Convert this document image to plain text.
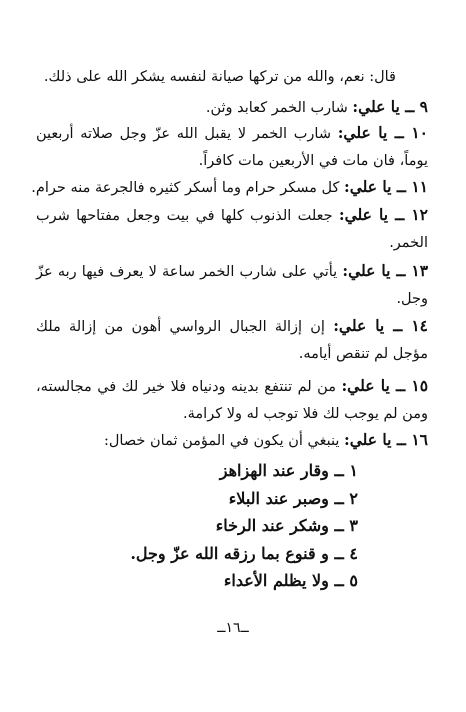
قال: نعم، والله من تركها صيانة لنفسه يشكر الله على ذلك.
٩ ــ يا علي: شارب الخمر كعابد وثن.
١٠ ــ يا علي: شارب الخمر لا يقبل الله عزّ وجل صلاته أربعين يوماً، فان مات في الأربعين مات كافراً.
١١ ــ يا علي: كل مسكر حرام وما أسكر كثيره فالجرعة منه حرام.
١٢ ــ يا علي: جعلت الذنوب كلها في بيت وجعل مفتاحها شرب الخمر.
١٣ ــ يا علي: يأتي على شارب الخمر ساعة لا يعرف فيها ربه عزّ وجل.
١٤ ــ يا علي: إن إزالة الجبال الرواسي أهون من إزالة ملك مؤجل لم تنقص أيامه.
١٥ ــ يا علي: من لم تنتفع بدينه ودنياه فلا خير لك في مجالسته، ومن لم يوجب لك فلا توجب له ولا كرامة.
١٦ ــ يا علي: ينبغي أن يكون في المؤمن ثمان خصال:
١ ــ وقار عند الهزاهز
٢ ــ وصبر عند البلاء
٣ ــ وشكر عند الرخاء
٤ ــ و قنوع بما رزقه الله عزّ وجل.
٥ ــ ولا يظلم الأعداء
ــ١٦ــ
